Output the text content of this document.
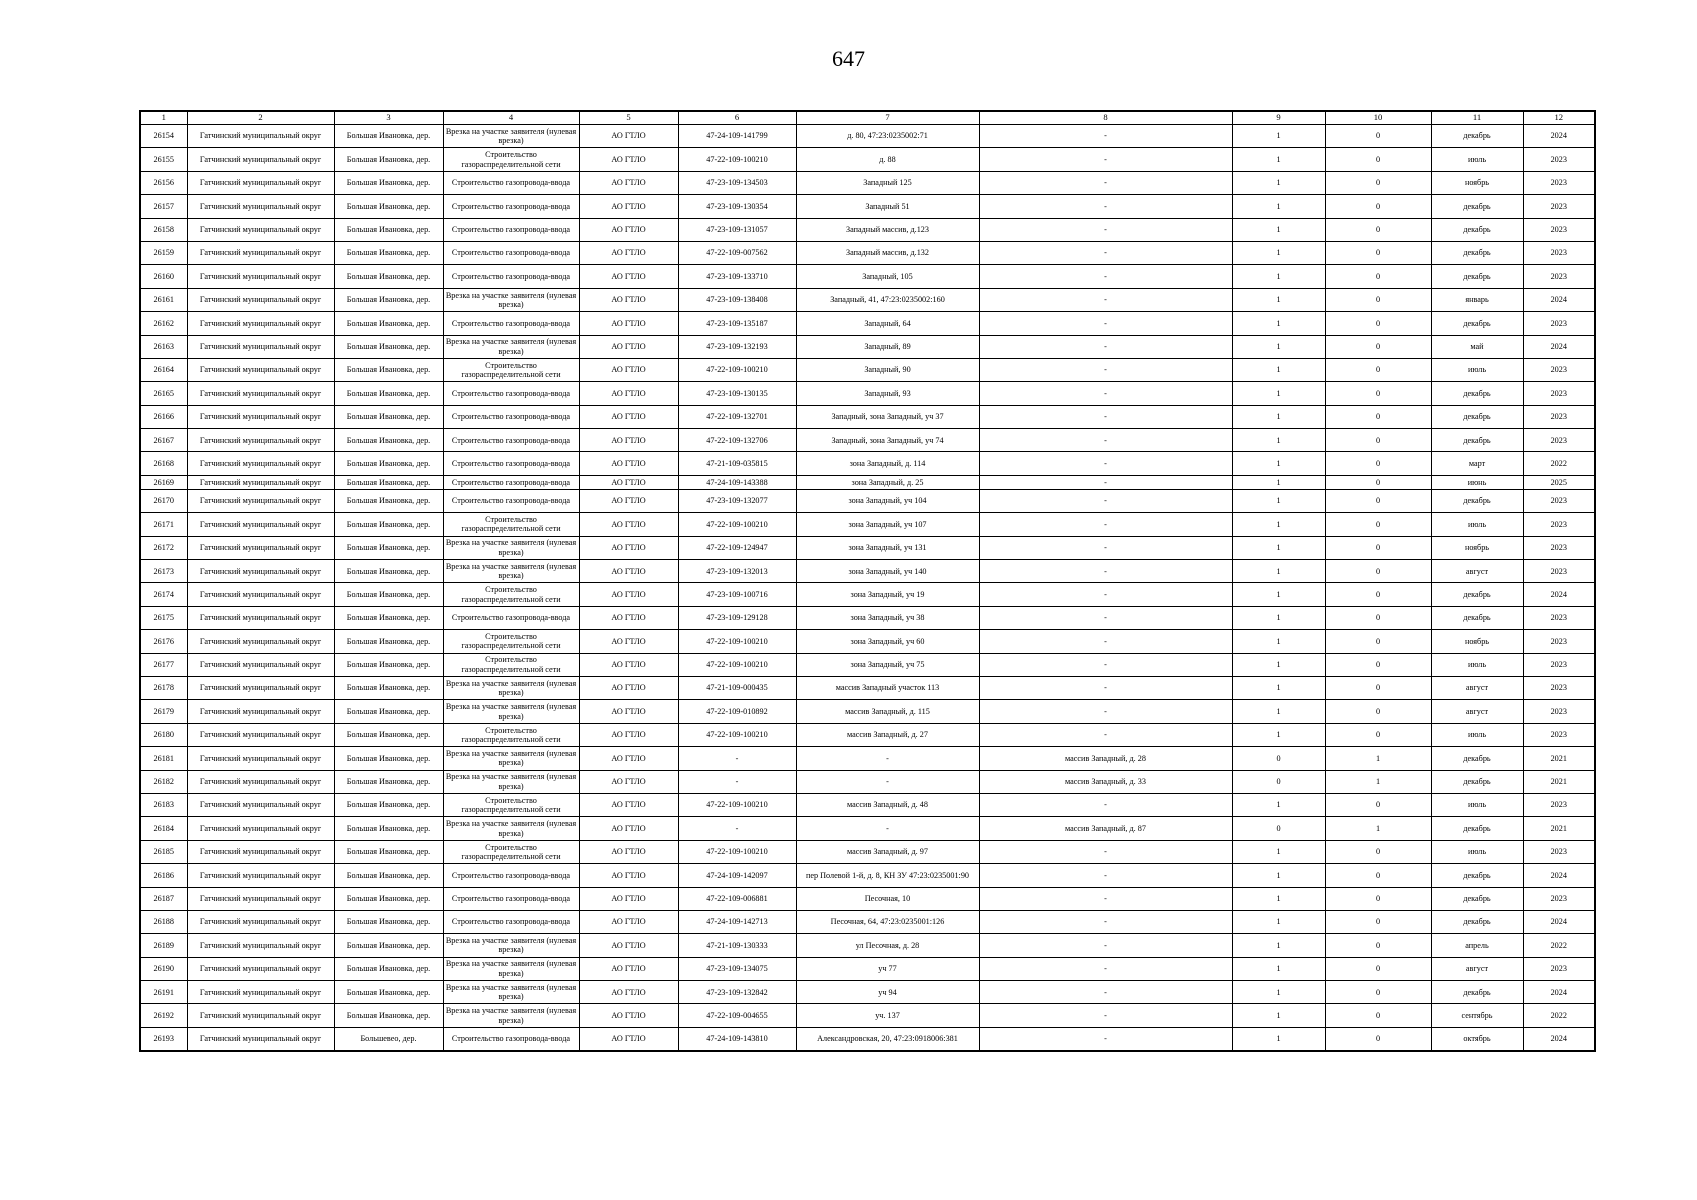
647
1	2	3	4	5	6	7	8	9	10	11	12
26154	Гатчинский муниципальный округ	Большая Ивановка, дер.	Врезка на участке заявителя (нулевая врезка)	АО ГТЛО	47-24-109-141799	д. 80, 47:23:0235002:71	-	1	0	декабрь	2024
26155	Гатчинский муниципальный округ	Большая Ивановка, дер.	Строительство газораспределительной сети	АО ГТЛО	47-22-109-100210	д. 88	-	1	0	июль	2023
26156	Гатчинский муниципальный округ	Большая Ивановка, дер.	Строительство газопровода-ввода	АО ГТЛО	47-23-109-134503	Западный 125	-	1	0	ноябрь	2023
26157	Гатчинский муниципальный округ	Большая Ивановка, дер.	Строительство газопровода-ввода	АО ГТЛО	47-23-109-130354	Западный 51	-	1	0	декабрь	2023
26158	Гатчинский муниципальный округ	Большая Ивановка, дер.	Строительство газопровода-ввода	АО ГТЛО	47-23-109-131057	Западный массив, д.123	-	1	0	декабрь	2023
26159	Гатчинский муниципальный округ	Большая Ивановка, дер.	Строительство газопровода-ввода	АО ГТЛО	47-22-109-007562	Западный массив, д.132	-	1	0	декабрь	2023
26160	Гатчинский муниципальный округ	Большая Ивановка, дер.	Строительство газопровода-ввода	АО ГТЛО	47-23-109-133710	Западный, 105	-	1	0	декабрь	2023
26161	Гатчинский муниципальный округ	Большая Ивановка, дер.	Врезка на участке заявителя (нулевая врезка)	АО ГТЛО	47-23-109-138408	Западный, 41, 47:23:0235002:160	-	1	0	январь	2024
26162	Гатчинский муниципальный округ	Большая Ивановка, дер.	Строительство газопровода-ввода	АО ГТЛО	47-23-109-135187	Западный, 64	-	1	0	декабрь	2023
26163	Гатчинский муниципальный округ	Большая Ивановка, дер.	Врезка на участке заявителя (нулевая врезка)	АО ГТЛО	47-23-109-132193	Западный, 89	-	1	0	май	2024
26164	Гатчинский муниципальный округ	Большая Ивановка, дер.	Строительство газораспределительной сети	АО ГТЛО	47-22-109-100210	Западный, 90	-	1	0	июль	2023
26165	Гатчинский муниципальный округ	Большая Ивановка, дер.	Строительство газопровода-ввода	АО ГТЛО	47-23-109-130135	Западный, 93	-	1	0	декабрь	2023
26166	Гатчинский муниципальный округ	Большая Ивановка, дер.	Строительство газопровода-ввода	АО ГТЛО	47-22-109-132701	Западный, зона Западный, уч 37	-	1	0	декабрь	2023
26167	Гатчинский муниципальный округ	Большая Ивановка, дер.	Строительство газопровода-ввода	АО ГТЛО	47-22-109-132706	Западный, зона Западный, уч 74	-	1	0	декабрь	2023
26168	Гатчинский муниципальный округ	Большая Ивановка, дер.	Строительство газопровода-ввода	АО ГТЛО	47-21-109-035815	зона Западный, д. 114	-	1	0	март	2022
26169	Гатчинский муниципальный округ	Большая Ивановка, дер.	Строительство газопровода-ввода	АО ГТЛО	47-24-109-143388	зона Западный, д. 25	-	1	0	июнь	2025
26170	Гатчинский муниципальный округ	Большая Ивановка, дер.	Строительство газопровода-ввода	АО ГТЛО	47-23-109-132077	зона Западный, уч 104	-	1	0	декабрь	2023
26171	Гатчинский муниципальный округ	Большая Ивановка, дер.	Строительство газораспределительной сети	АО ГТЛО	47-22-109-100210	зона Западный, уч 107	-	1	0	июль	2023
26172	Гатчинский муниципальный округ	Большая Ивановка, дер.	Врезка на участке заявителя (нулевая врезка)	АО ГТЛО	47-22-109-124947	зона Западный, уч 131	-	1	0	ноябрь	2023
26173	Гатчинский муниципальный округ	Большая Ивановка, дер.	Врезка на участке заявителя (нулевая врезка)	АО ГТЛО	47-23-109-132013	зона Западный, уч 140	-	1	0	август	2023
26174	Гатчинский муниципальный округ	Большая Ивановка, дер.	Строительство газораспределительной сети	АО ГТЛО	47-23-109-100716	зона Западный, уч 19	-	1	0	декабрь	2024
26175	Гатчинский муниципальный округ	Большая Ивановка, дер.	Строительство газопровода-ввода	АО ГТЛО	47-23-109-129128	зона Западный, уч 38	-	1	0	декабрь	2023
26176	Гатчинский муниципальный округ	Большая Ивановка, дер.	Строительство газораспределительной сети	АО ГТЛО	47-22-109-100210	зона Западный, уч 60	-	1	0	ноябрь	2023
26177	Гатчинский муниципальный округ	Большая Ивановка, дер.	Строительство газораспределительной сети	АО ГТЛО	47-22-109-100210	зона Западный, уч 75	-	1	0	июль	2023
26178	Гатчинский муниципальный округ	Большая Ивановка, дер.	Врезка на участке заявителя (нулевая врезка)	АО ГТЛО	47-21-109-000435	массив Западный участок 113	-	1	0	август	2023
26179	Гатчинский муниципальный округ	Большая Ивановка, дер.	Врезка на участке заявителя (нулевая врезка)	АО ГТЛО	47-22-109-010892	массив Западный, д. 115	-	1	0	август	2023
26180	Гатчинский муниципальный округ	Большая Ивановка, дер.	Строительство газораспределительной сети	АО ГТЛО	47-22-109-100210	массив Западный, д. 27	-	1	0	июль	2023
26181	Гатчинский муниципальный округ	Большая Ивановка, дер.	Врезка на участке заявителя (нулевая врезка)	АО ГТЛО	-	-	массив Западный, д. 28	0	1	декабрь	2021
26182	Гатчинский муниципальный округ	Большая Ивановка, дер.	Врезка на участке заявителя (нулевая врезка)	АО ГТЛО	-	-	массив Западный, д. 33	0	1	декабрь	2021
26183	Гатчинский муниципальный округ	Большая Ивановка, дер.	Строительство газораспределительной сети	АО ГТЛО	47-22-109-100210	массив Западный, д. 48	-	1	0	июль	2023
26184	Гатчинский муниципальный округ	Большая Ивановка, дер.	Врезка на участке заявителя (нулевая врезка)	АО ГТЛО	-	-	массив Западный, д. 87	0	1	декабрь	2021
26185	Гатчинский муниципальный округ	Большая Ивановка, дер.	Строительство газораспределительной сети	АО ГТЛО	47-22-109-100210	массив Западный, д. 97	-	1	0	июль	2023
26186	Гатчинский муниципальный округ	Большая Ивановка, дер.	Строительство газопровода-ввода	АО ГТЛО	47-24-109-142097	пер Полевой 1-й, д. 8, КН ЗУ 47:23:0235001:90	-	1	0	декабрь	2024
26187	Гатчинский муниципальный округ	Большая Ивановка, дер.	Строительство газопровода-ввода	АО ГТЛО	47-22-109-006881	Песочная, 10	-	1	0	декабрь	2023
26188	Гатчинский муниципальный округ	Большая Ивановка, дер.	Строительство газопровода-ввода	АО ГТЛО	47-24-109-142713	Песочная, 64, 47:23:0235001:126	-	1	0	декабрь	2024
26189	Гатчинский муниципальный округ	Большая Ивановка, дер.	Врезка на участке заявителя (нулевая врезка)	АО ГТЛО	47-21-109-130333	ул Песочная, д. 28	-	1	0	апрель	2022
26190	Гатчинский муниципальный округ	Большая Ивановка, дер.	Врезка на участке заявителя (нулевая врезка)	АО ГТЛО	47-23-109-134075	уч 77	-	1	0	август	2023
26191	Гатчинский муниципальный округ	Большая Ивановка, дер.	Врезка на участке заявителя (нулевая врезка)	АО ГТЛО	47-23-109-132842	уч 94	-	1	0	декабрь	2024
26192	Гатчинский муниципальный округ	Большая Ивановка, дер.	Врезка на участке заявителя (нулевая врезка)	АО ГТЛО	47-22-109-004655	уч. 137	-	1	0	сентябрь	2022
26193	Гатчинский муниципальный округ	Большевео, дер.	Строительство газопровода-ввода	АО ГТЛО	47-24-109-143810	Александровская, 20, 47:23:0918006:381	-	1	0	октябрь	2024
